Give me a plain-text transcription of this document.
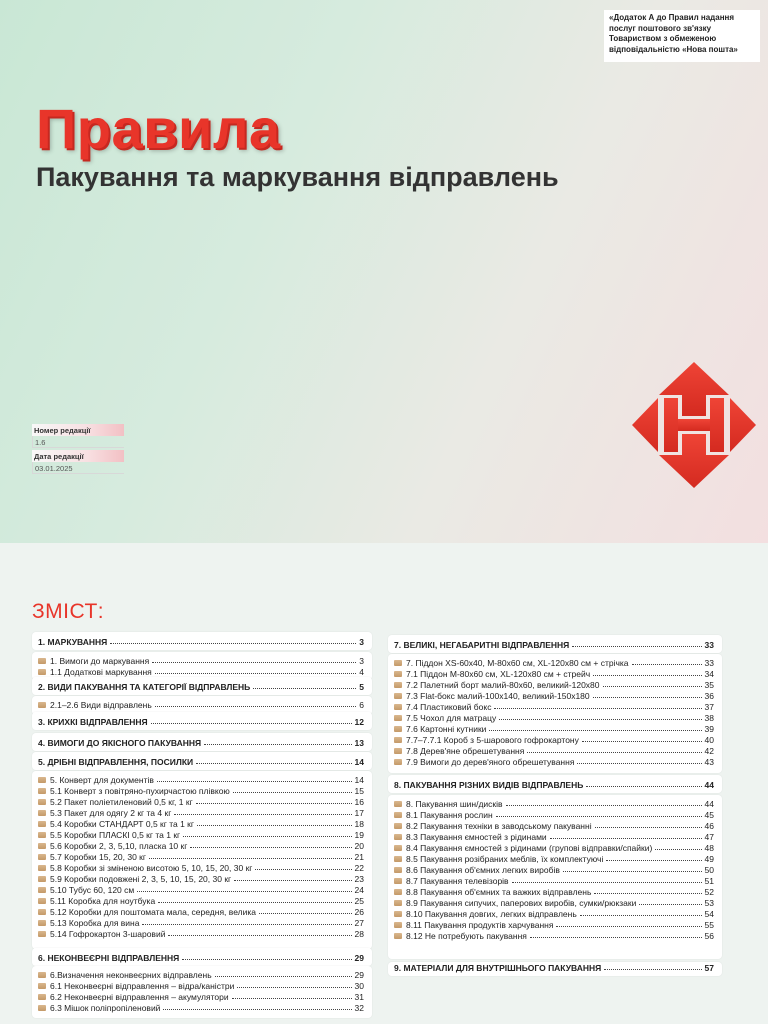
«Додаток А до Правил надання послуг поштового зв'язку Товариством з обмеженою відповідальністю «Нова пошта»
Правила
Пакування та маркування відправлень
Номер редакції
1.6
Дата редакції
03.01.2025
ЗМІСТ:
1. МАРКУВАННЯ	3
1. Вимоги до маркування	3
1.1 Додаткові маркування	4
2. ВИДИ ПАКУВАННЯ ТА КАТЕГОРІЇ ВІДПРАВЛЕНЬ	5
2.1–2.6 Види відправлень	6
3. КРИХКІ ВІДПРАВЛЕННЯ	12
4. ВИМОГИ ДО ЯКІСНОГО ПАКУВАННЯ	13
5. ДРІБНІ ВІДПРАВЛЕННЯ, ПОСИЛКИ	14
5. Конверт для документів	14
5.1 Конверт з повітряно-пухирчастою плівкою	15
5.2 Пакет поліетиленовий 0,5 кг, 1 кг	16
5.3 Пакет для одягу 2 кг та 4 кг	17
5.4 Коробки СТАНДАРТ 0,5 кг та 1 кг	18
5.5 Коробки ПЛАСКІ 0,5 кг та 1 кг	19
5.6 Коробки 2, 3, 5,10, пласка 10 кг	20
5.7 Коробки 15, 20, 30 кг	21
5.8 Коробки зі зміненою висотою 5, 10, 15, 20, 30 кг	22
5.9 Коробки подовжені 2, 3, 5, 10, 15, 20, 30 кг	23
5.10 Тубус 60, 120 см	24
5.11 Коробка для ноутбука	25
5.12 Коробки для поштомата мала, середня, велика	26
5.13 Коробка для вина	27
5.14 Гофрокартон 3-шаровий	28
6. НЕКОНВЕЄРНІ ВІДПРАВЛЕННЯ	29
6.Визначення неконвеєрних відправлень	29
6.1 Неконвеєрні відправлення – відра/каністри	30
6.2 Неконвеєрні відправлення – акумулятори	31
6.3 Мішок поліпропіленовий	32
7. ВЕЛИКІ, НЕГАБАРИТНІ ВІДПРАВЛЕННЯ	33
7. Піддон XS-60х40, M-80х60 см, XL-120х80 см + стрічка	33
7.1 Піддон M-80х60 см, XL-120х80 см + стрейч	34
7.2 Палетний борт малий-80х60, великий-120х80	35
7.3 Flat-бокс малий-100х140, великий-150х180	36
7.4 Пластиковий бокс	37
7.5 Чохол для матрацу	38
7.6 Картонні кутники	39
7.7–7.7.1 Короб з 5-шарового гофрокартону	40
7.8 Дерев'яне обрешетування	42
7.9 Вимоги до дерев'яного обрешетування	43
8. ПАКУВАННЯ РІЗНИХ ВИДІВ ВІДПРАВЛЕНЬ	44
8. Пакування шин/дисків	44
8.1 Пакування рослин	45
8.2 Пакування техніки в заводському пакуванні	46
8.3 Пакування ємностей з рідинами	47
8.4 Пакування ємностей з рідинами (групові відправки/спайки)	48
8.5 Пакування розібраних меблів, їх комплектуючі	49
8.6 Пакування об'ємних легких виробів	50
8.7 Пакування телевізорів	51
8.8 Пакування об'ємних та важких відправлень	52
8.9 Пакування сипучих, паперових виробів, сумки/рюкзаки	53
8.10 Пакування довгих, легких відправлень	54
8.11 Пакування продуктів харчування	55
8.12 Не потребують пакування	56
9. МАТЕРІАЛИ ДЛЯ ВНУТРІШНЬОГО ПАКУВАННЯ	57
